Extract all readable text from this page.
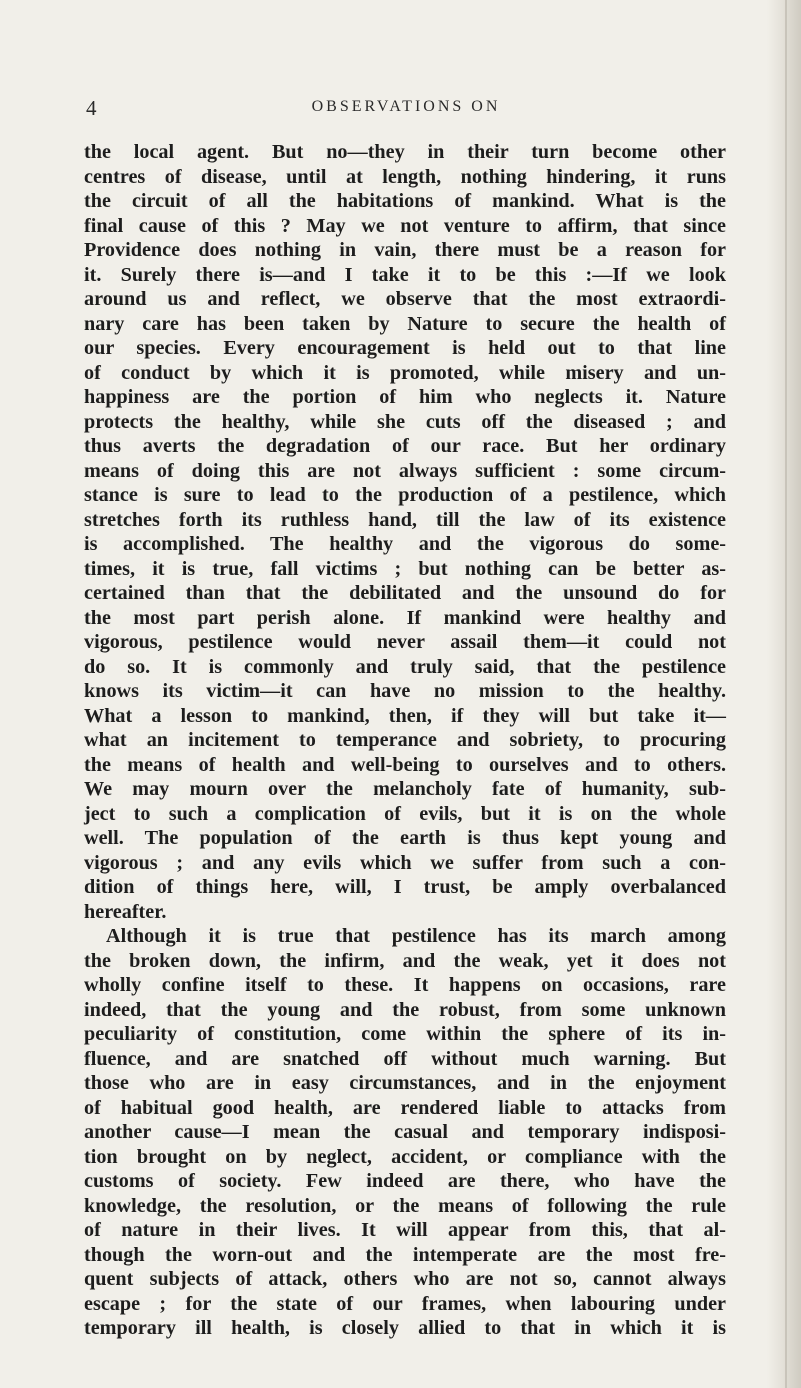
4	OBSERVATIONS ON
the local agent. But no—they in their turn become other
centres of disease, until at length, nothing hindering, it runs
the circuit of all the habitations of mankind. What is the
final cause of this ? May we not venture to affirm, that since
Providence does nothing in vain, there must be a reason for
it. Surely there is—and I take it to be this :—If we look
around us and reflect, we observe that the most extraordi-
nary care has been taken by Nature to secure the health of
our species. Every encouragement is held out to that line
of conduct by which it is promoted, while misery and un-
happiness are the portion of him who neglects it. Nature
protects the healthy, while she cuts off the diseased ; and
thus averts the degradation of our race. But her ordinary
means of doing this are not always sufficient : some circum-
stance is sure to lead to the production of a pestilence, which
stretches forth its ruthless hand, till the law of its existence
is accomplished. The healthy and the vigorous do some-
times, it is true, fall victims ; but nothing can be better as-
certained than that the debilitated and the unsound do for
the most part perish alone. If mankind were healthy and
vigorous, pestilence would never assail them—it could not
do so. It is commonly and truly said, that the pestilence
knows its victim—it can have no mission to the healthy.
What a lesson to mankind, then, if they will but take it—
what an incitement to temperance and sobriety, to procuring
the means of health and well-being to ourselves and to others.
We may mourn over the melancholy fate of humanity, sub-
ject to such a complication of evils, but it is on the whole
well. The population of the earth is thus kept young and
vigorous ; and any evils which we suffer from such a con-
dition of things here, will, I trust, be amply overbalanced
hereafter.
Although it is true that pestilence has its march among
the broken down, the infirm, and the weak, yet it does not
wholly confine itself to these. It happens on occasions, rare
indeed, that the young and the robust, from some unknown
peculiarity of constitution, come within the sphere of its in-
fluence, and are snatched off without much warning. But
those who are in easy circumstances, and in the enjoyment
of habitual good health, are rendered liable to attacks from
another cause—I mean the casual and temporary indisposi-
tion brought on by neglect, accident, or compliance with the
customs of society. Few indeed are there, who have the
knowledge, the resolution, or the means of following the rule
of nature in their lives. It will appear from this, that al-
though the worn-out and the intemperate are the most fre-
quent subjects of attack, others who are not so, cannot always
escape ; for the state of our frames, when labouring under
temporary ill health, is closely allied to that in which it is
